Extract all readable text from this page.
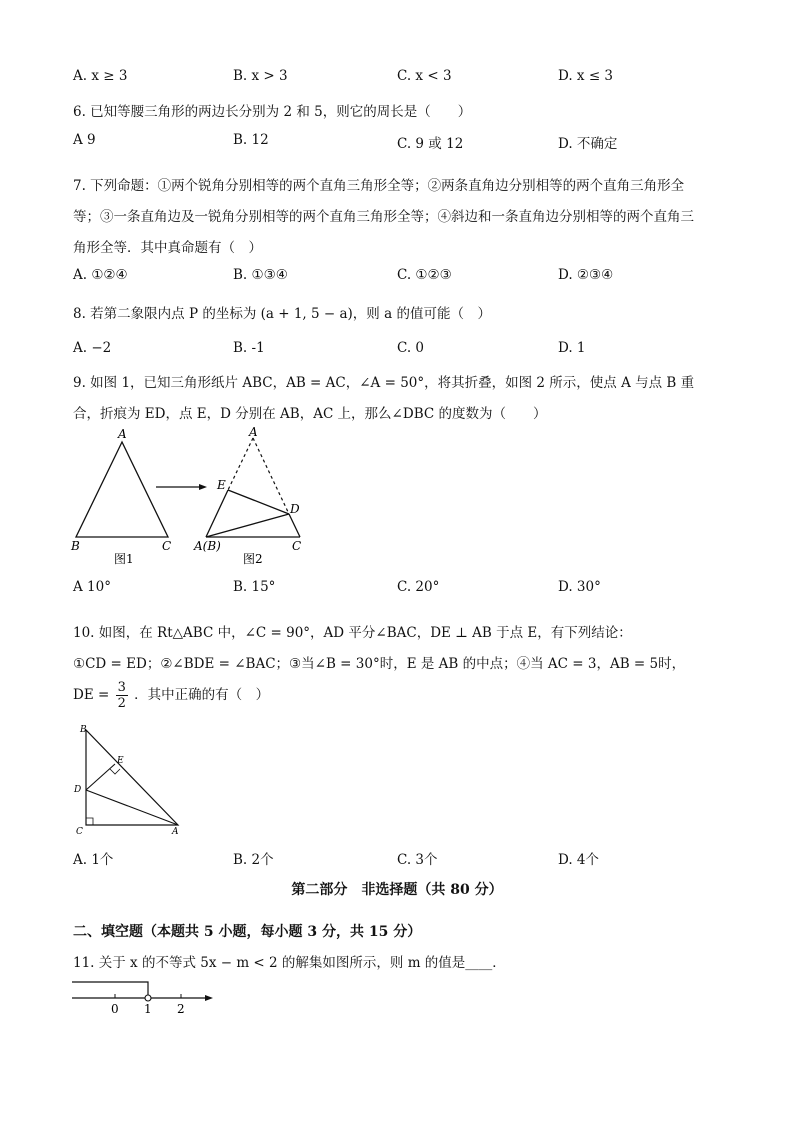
A. x ≥ 3	B. x > 3	C. x < 3	D. x ≤ 3
6. 已知等腰三角形的两边长分别为 2 和 5，则它的周长是（　　）
A 9	B. 12	C. 9 或 12	D. 不确定
7. 下列命题：①两个锐角分别相等的两个直角三角形全等；②两条直角边分别相等的两个直角三角形全
等；③一条直角边及一锐角分别相等的两个直角三角形全等；④斜边和一条直角边分别相等的两个直角三
角形全等．其中真命题有（　）
A. ①②④	B. ①③④	C. ①②③	D. ②③④
8. 若第二象限内点 P 的坐标为 (a + 1, 5 − a)，则 a 的值可能（　）
A. −2	B. -1	C. 0	D. 1
9. 如图 1，已知三角形纸片 ABC，AB = AC，∠A = 50°，将其折叠，如图 2 所示，使点 A 与点 B 重
合，折痕为 ED，点 E，D 分别在 AB，AC 上，那么∠DBC 的度数为（　　）
A
B	C
图1
A
E
D
A(B)	C
图2
A 10°	B. 15°	C. 20°	D. 30°
10. 如图，在 Rt△ABC 中，∠C = 90°，AD 平分∠BAC，DE ⊥ AB 于点 E，有下列结论：
①CD = ED；②∠BDE = ∠BAC；③当∠B = 30°时，E 是 AB 的中点；④当 AC = 3，AB = 5时，
DE = $\frac{3}{2}$ ．其中正确的有（　）
B
E
D
C	A
A. 1个	B. 2个	C. 3个	D. 4个
第二部分　非选择题（共 80 分）
二、填空题（本题共 5 小题，每小题 3 分，共 15 分）
11. 关于 x 的不等式 5x − m < 2 的解集如图所示，则 m 的值是____．
0 1 2
